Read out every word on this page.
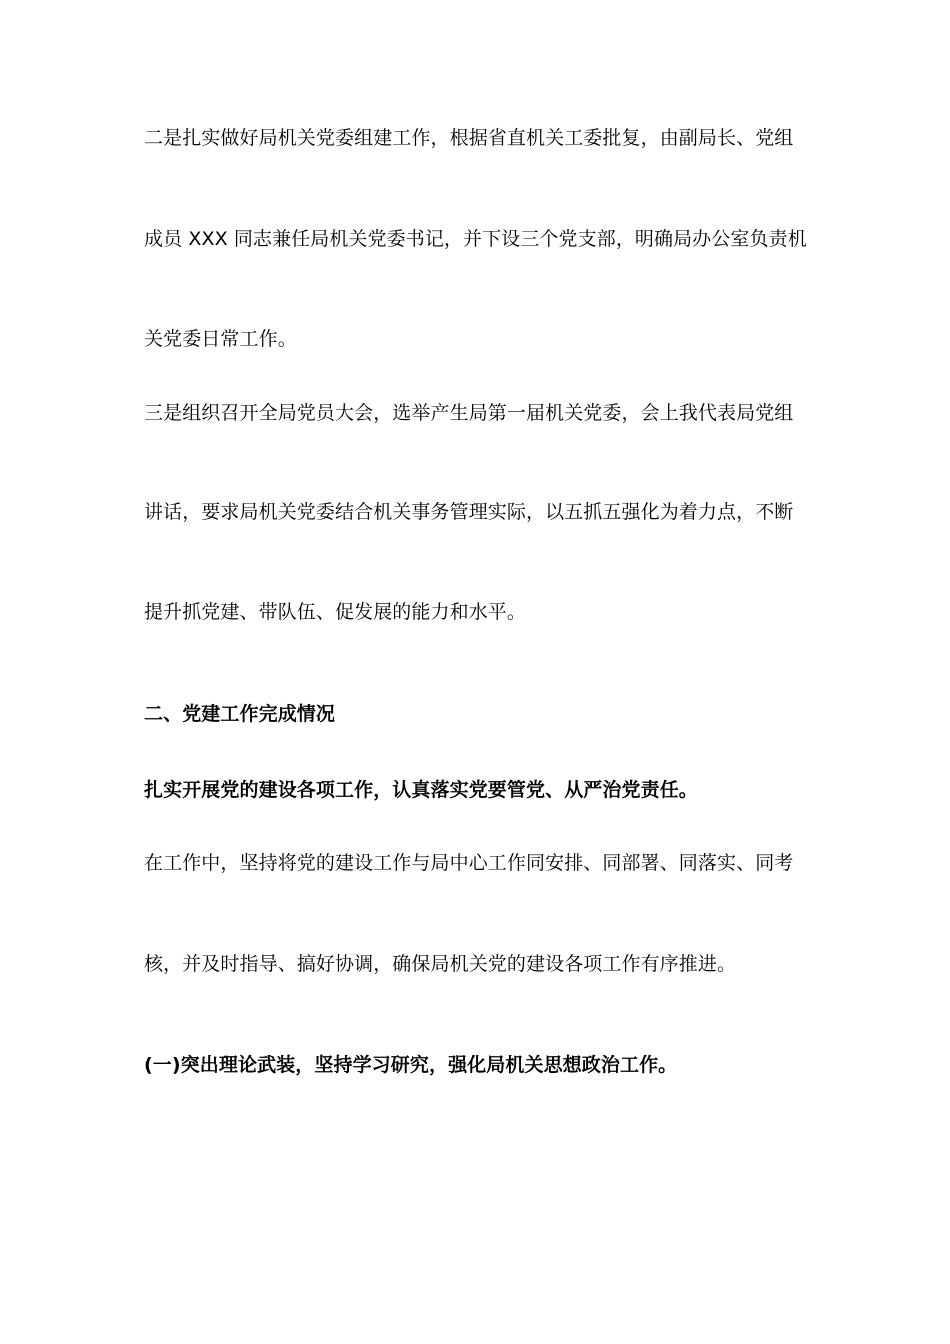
二是扎实做好局机关党委组建工作，根据省直机关工委批复，由副局长、党组
成员 XXX 同志兼任局机关党委书记，并下设三个党支部，明确局办公室负责机
关党委日常工作。
三是组织召开全局党员大会，选举产生局第一届机关党委，会上我代表局党组
讲话，要求局机关党委结合机关事务管理实际，以五抓五强化为着力点，不断
提升抓党建、带队伍、促发展的能力和水平。
二、党建工作完成情况
扎实开展党的建设各项工作，认真落实党要管党、从严治党责任。
在工作中，坚持将党的建设工作与局中心工作同安排、同部署、同落实、同考
核，并及时指导、搞好协调，确保局机关党的建设各项工作有序推进。
(一)突出理论武装，坚持学习研究，强化局机关思想政治工作。
